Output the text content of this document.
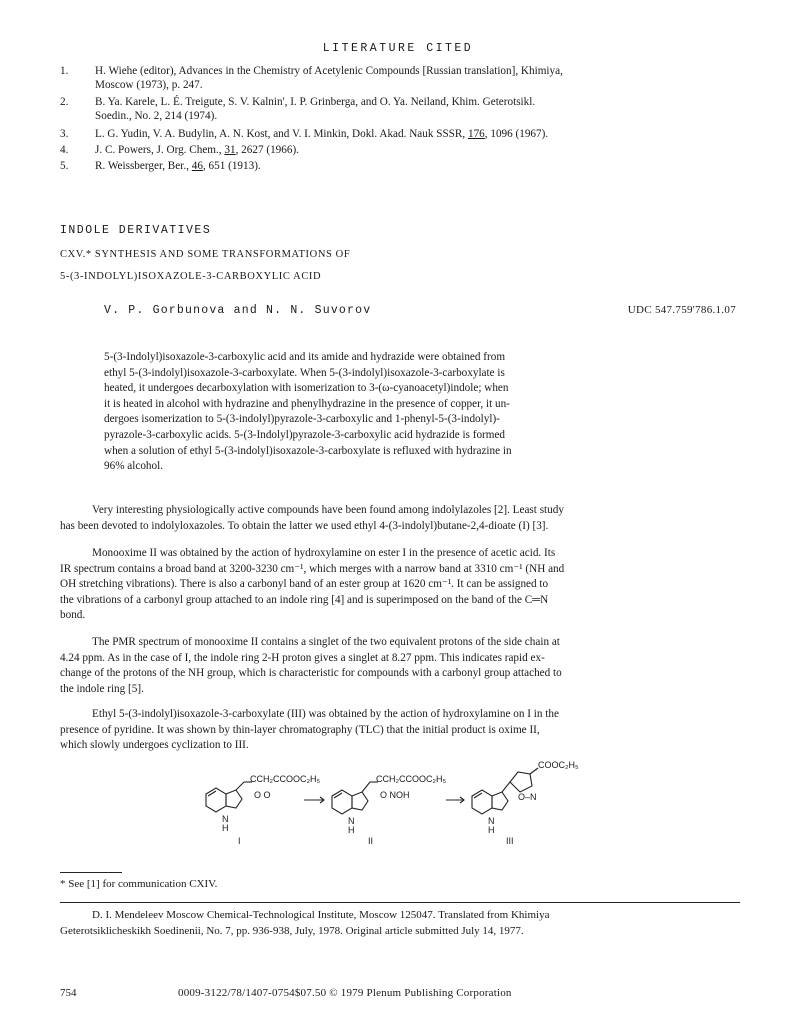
LITERATURE CITED
1. H. Wiehe (editor), Advances in the Chemistry of Acetylenic Compounds [Russian translation], Khimiya,
Moscow (1973), p. 247.
2. B. Ya. Karele, L. É. Treigute, S. V. Kalnin', I. P. Grinberga, and O. Ya. Neiland, Khim. Geterotsikl.
Soedin., No. 2, 214 (1974).
3. L. G. Yudin, V. A. Budylin, A. N. Kost, and V. I. Minkin, Dokl. Akad. Nauk SSSR, 176, 1096 (1967).
4. J. C. Powers, J. Org. Chem., 31, 2627 (1966).
5. R. Weissberger, Ber., 46, 651 (1913).
INDOLE DERIVATIVES
CXV.* SYNTHESIS AND SOME TRANSFORMATIONS OF
5-(3-INDOLYL)ISOXAZOLE-3-CARBOXYLIC ACID
V. P. Gorbunova and N. N. Suvorov	UDC 547.759'786.1.07
5-(3-Indolyl)isoxazole-3-carboxylic acid and its amide and hydrazide were obtained from
ethyl 5-(3-indolyl)isoxazole-3-carboxylate. When 5-(3-indolyl)isoxazole-3-carboxylate is
heated, it undergoes decarboxylation with isomerization to 3-(ω-cyanoacetyl)indole; when
it is heated in alcohol with hydrazine and phenylhydrazine in the presence of copper, it un-
dergoes isomerization to 5-(3-indolyl)pyrazole-3-carboxylic and 1-phenyl-5-(3-indolyl)-
pyrazole-3-carboxylic acids. 5-(3-Indolyl)pyrazole-3-carboxylic acid hydrazide is formed
when a solution of ethyl 5-(3-indolyl)isoxazole-3-carboxylate is refluxed with hydrazine in
96% alcohol.
Very interesting physiologically active compounds have been found among indolylazoles [2]. Least study
has been devoted to indolyloxazoles. To obtain the latter we used ethyl 4-(3-indolyl)butane-2,4-dioate (I) [3].
Monooxime II was obtained by the action of hydroxylamine on ester I in the presence of acetic acid. Its
IR spectrum contains a broad band at 3200-3230 cm⁻¹, which merges with a narrow band at 3310 cm⁻¹ (NH and
OH stretching vibrations). There is also a carbonyl band of an ester group at 1620 cm⁻¹. It can be assigned to
the vibrations of a carbonyl group attached to an indole ring [4] and is superimposed on the band of the C═N
bond.
The PMR spectrum of monooxime II contains a singlet of the two equivalent protons of the side chain at
4.24 ppm. As in the case of I, the indole ring 2-H proton gives a singlet at 8.27 ppm. This indicates rapid ex-
change of the protons of the NH group, which is characteristic for compounds with a carbonyl group attached to
the indole ring [5].
Ethyl 5-(3-indolyl)isoxazole-3-carboxylate (III) was obtained by the action of hydroxylamine on I in the
presence of pyridine. It was shown by thin-layer chromatography (TLC) that the initial product is oxime II,
which slowly undergoes cyclization to III.
CCH₂CCOOC₂H₅
O O
N
H
I
CCH₂CCOOC₂H₅
O NOH
N
H
II
COOC₂H₅
O–N
N
H
III
* See [1] for communication CXIV.
D. I. Mendeleev Moscow Chemical-Technological Institute, Moscow 125047. Translated from Khimiya
Geterotsiklicheskikh Soedinenii, No. 7, pp. 936-938, July, 1978. Original article submitted July 14, 1977.
754	0009-3122/78/1407-0754$07.50 © 1979 Plenum Publishing Corporation
